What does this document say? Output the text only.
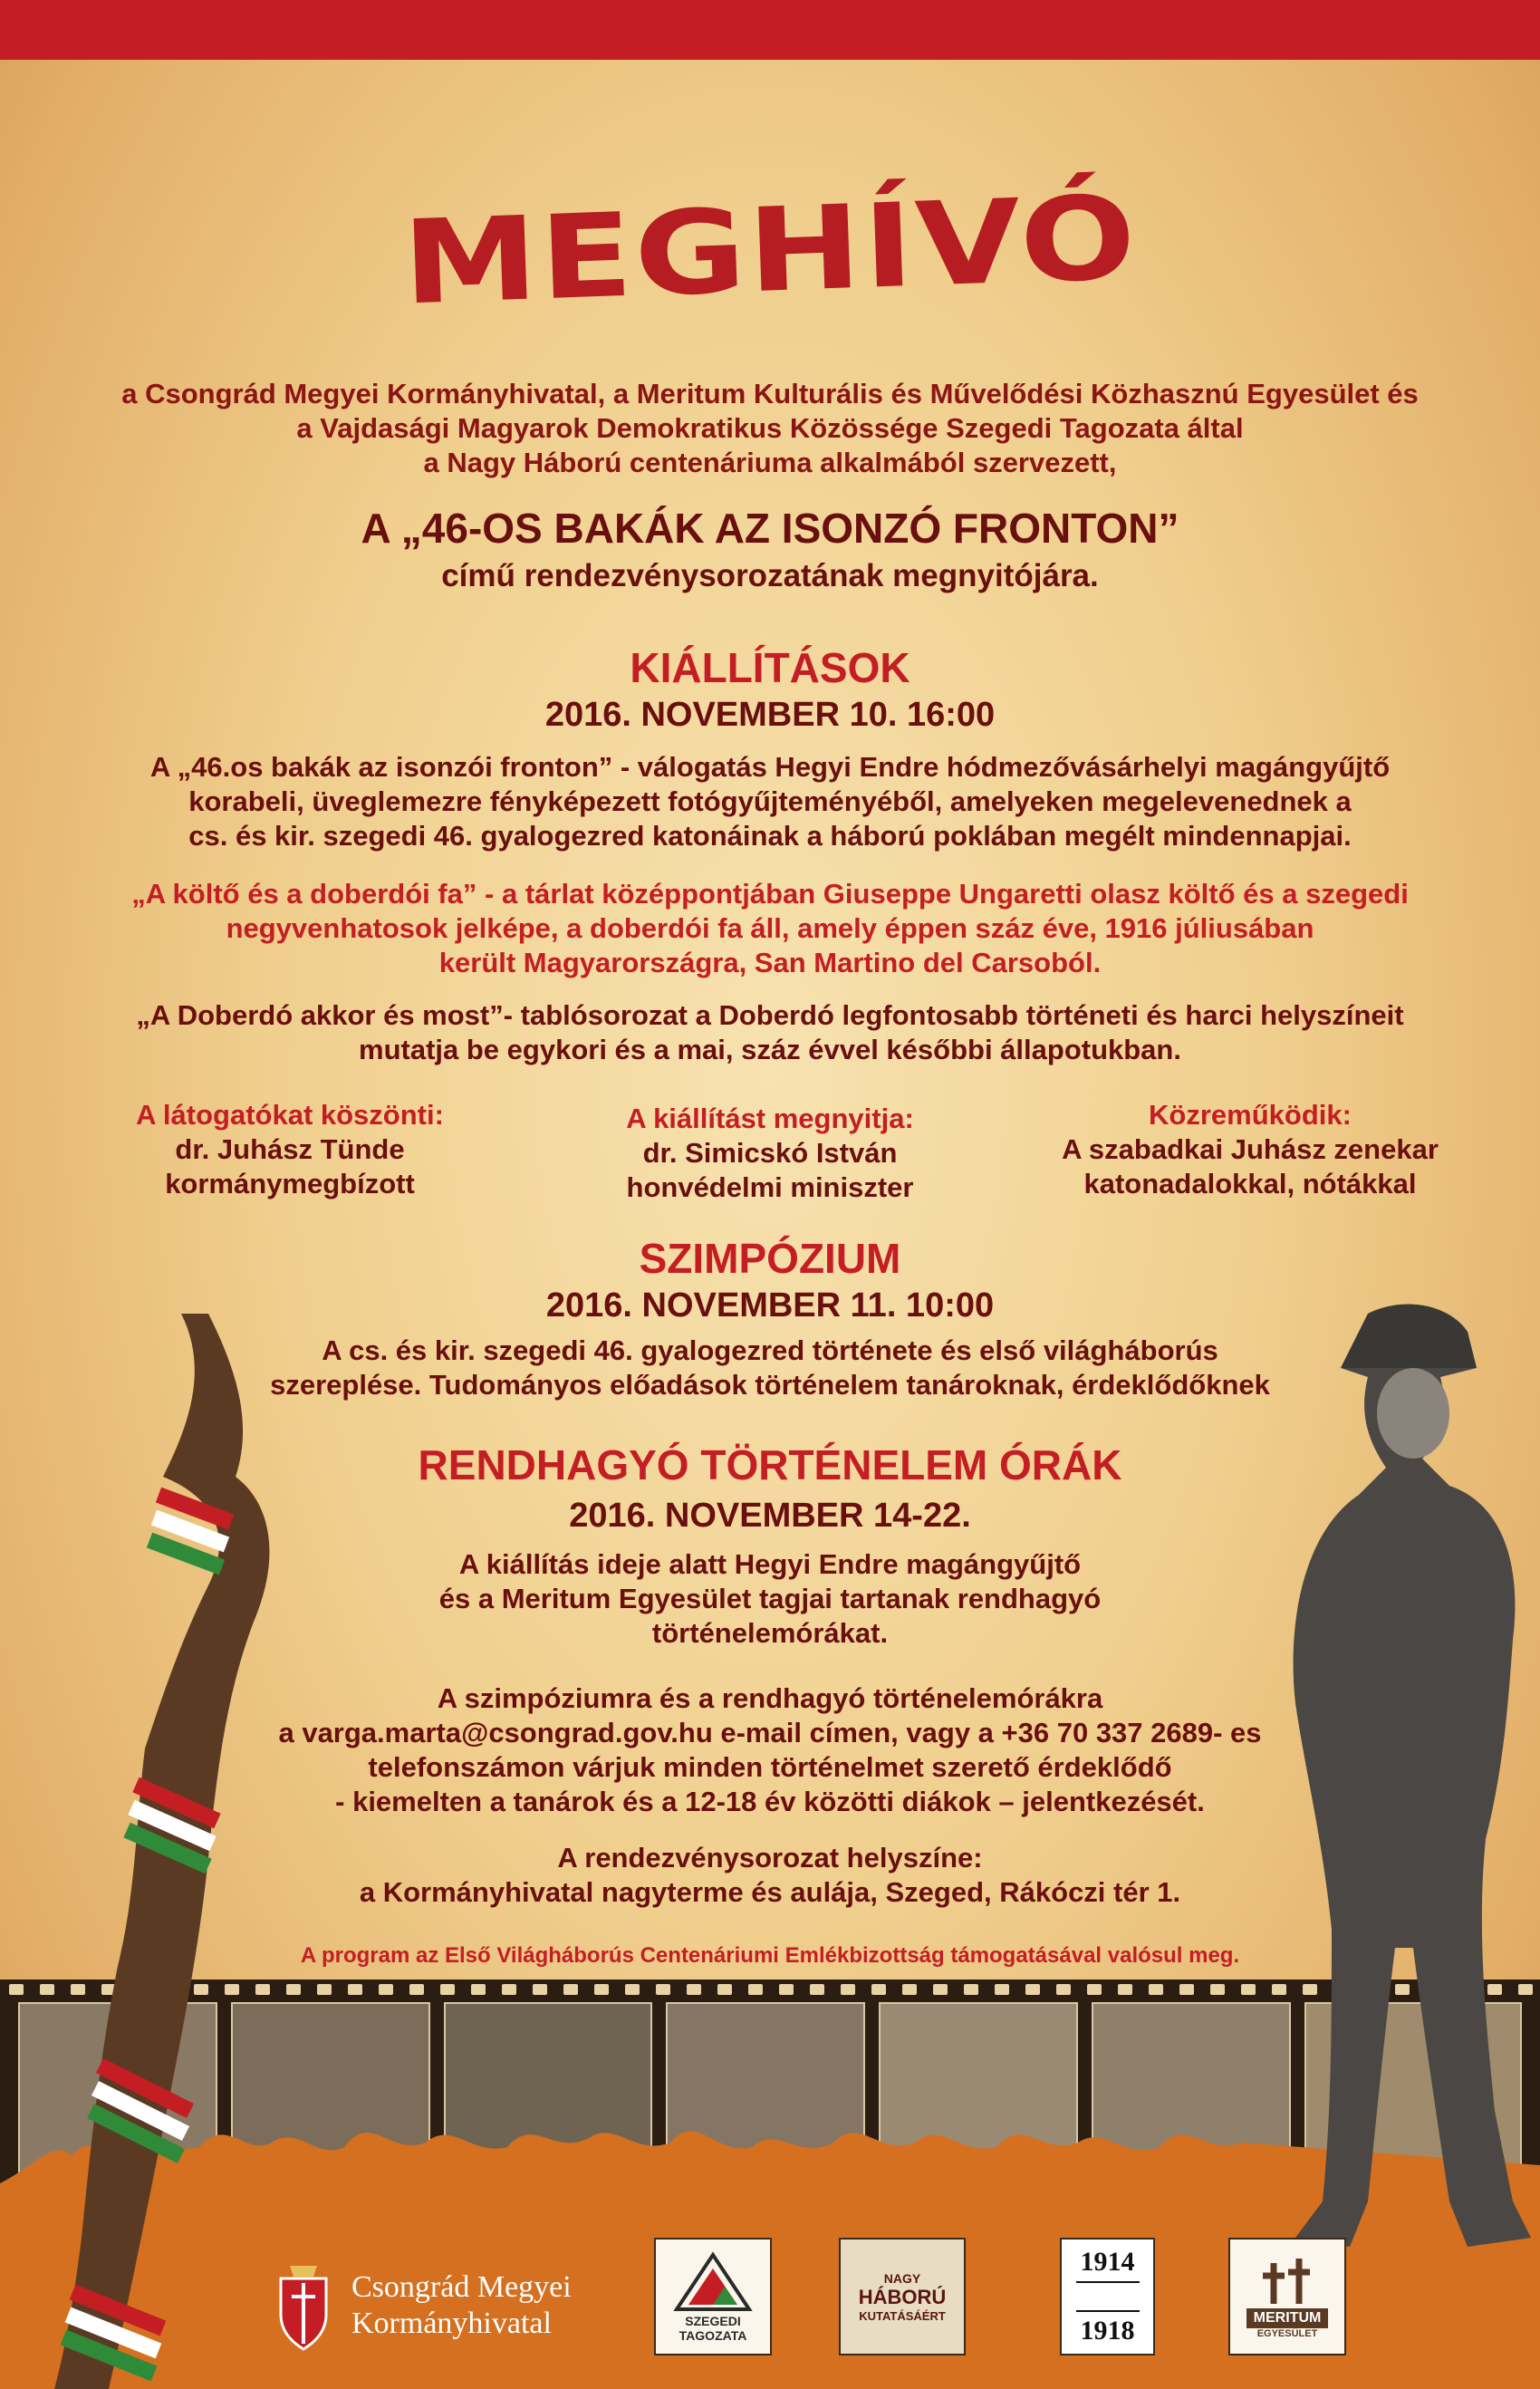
MEGHÍVÓ
a Csongrád Megyei Kormányhivatal, a Meritum Kulturális és Művelődési Közhasznú Egyesület és
a Vajdasági Magyarok Demokratikus Közössége Szegedi Tagozata által
a Nagy Háború centenáriuma alkalmából szervezett,
A „46-OS BAKÁK AZ ISONZÓ FRONTON”
című rendezvénysorozatának megnyitójára.
KIÁLLÍTÁSOK
2016. NOVEMBER 10. 16:00
A „46.os bakák az isonzói fronton” - válogatás Hegyi Endre hódmezővásárhelyi magángyűjtő
korabeli, üveglemezre fényképezett fotógyűjteményéből, amelyeken megelevenednek a
cs. és kir. szegedi 46. gyalogezred katonáinak a háború poklában megélt mindennapjai.
„A költő és a doberdói fa” - a tárlat középpontjában Giuseppe Ungaretti olasz költő és a szegedi
negyvenhatosok jelképe, a doberdói fa áll, amely éppen száz éve, 1916 júliusában
került Magyarországra, San Martino del Carsoból.
„A Doberdó akkor és most”- tablósorozat a Doberdó legfontosabb történeti és harci helyszíneit
mutatja be egykori és a mai, száz évvel későbbi állapotukban.
A látogatókat köszönti:
dr. Juhász Tünde
kormánymegbízott
A kiállítást megnyitja:
dr. Simicskó István
honvédelmi miniszter
Közreműködik:
A szabadkai Juhász zenekar
katonadalokkal, nótákkal
SZIMPÓZIUM
2016. NOVEMBER 11. 10:00
A cs. és kir. szegedi 46. gyalogezred története és első világháborús
szereplése. Tudományos előadások történelem tanároknak, érdeklődőknek
RENDHAGYÓ TÖRTÉNELEM ÓRÁK
2016. NOVEMBER 14-22.
A kiállítás ideje alatt Hegyi Endre magángyűjtő
és a Meritum Egyesület tagjai tartanak rendhagyó
történelemórákat.
A szimpóziumra és a rendhagyó történelemórákra
a varga.marta@csongrad.gov.hu e-mail címen, vagy a +36 70 337 2689- es
telefonszámon várjuk minden történelmet szerető érdeklődő
- kiemelten a tanárok és a 12-18 év közötti diákok – jelentkezését.
A rendezvénysorozat helyszíne:
a Kormányhivatal nagyterme és aulája, Szeged, Rákóczi tér 1.
A program az Első Világháborús Centenáriumi Emlékbizottság támogatásával valósul meg.
Csongrád Megyei
Kormányhivatal	SZEGEDI TAGOZATA
NAGY
HÁBORÚ
KUTATÁSÁÉRT
1914
1918	MERITUM
EGYESÜLET
